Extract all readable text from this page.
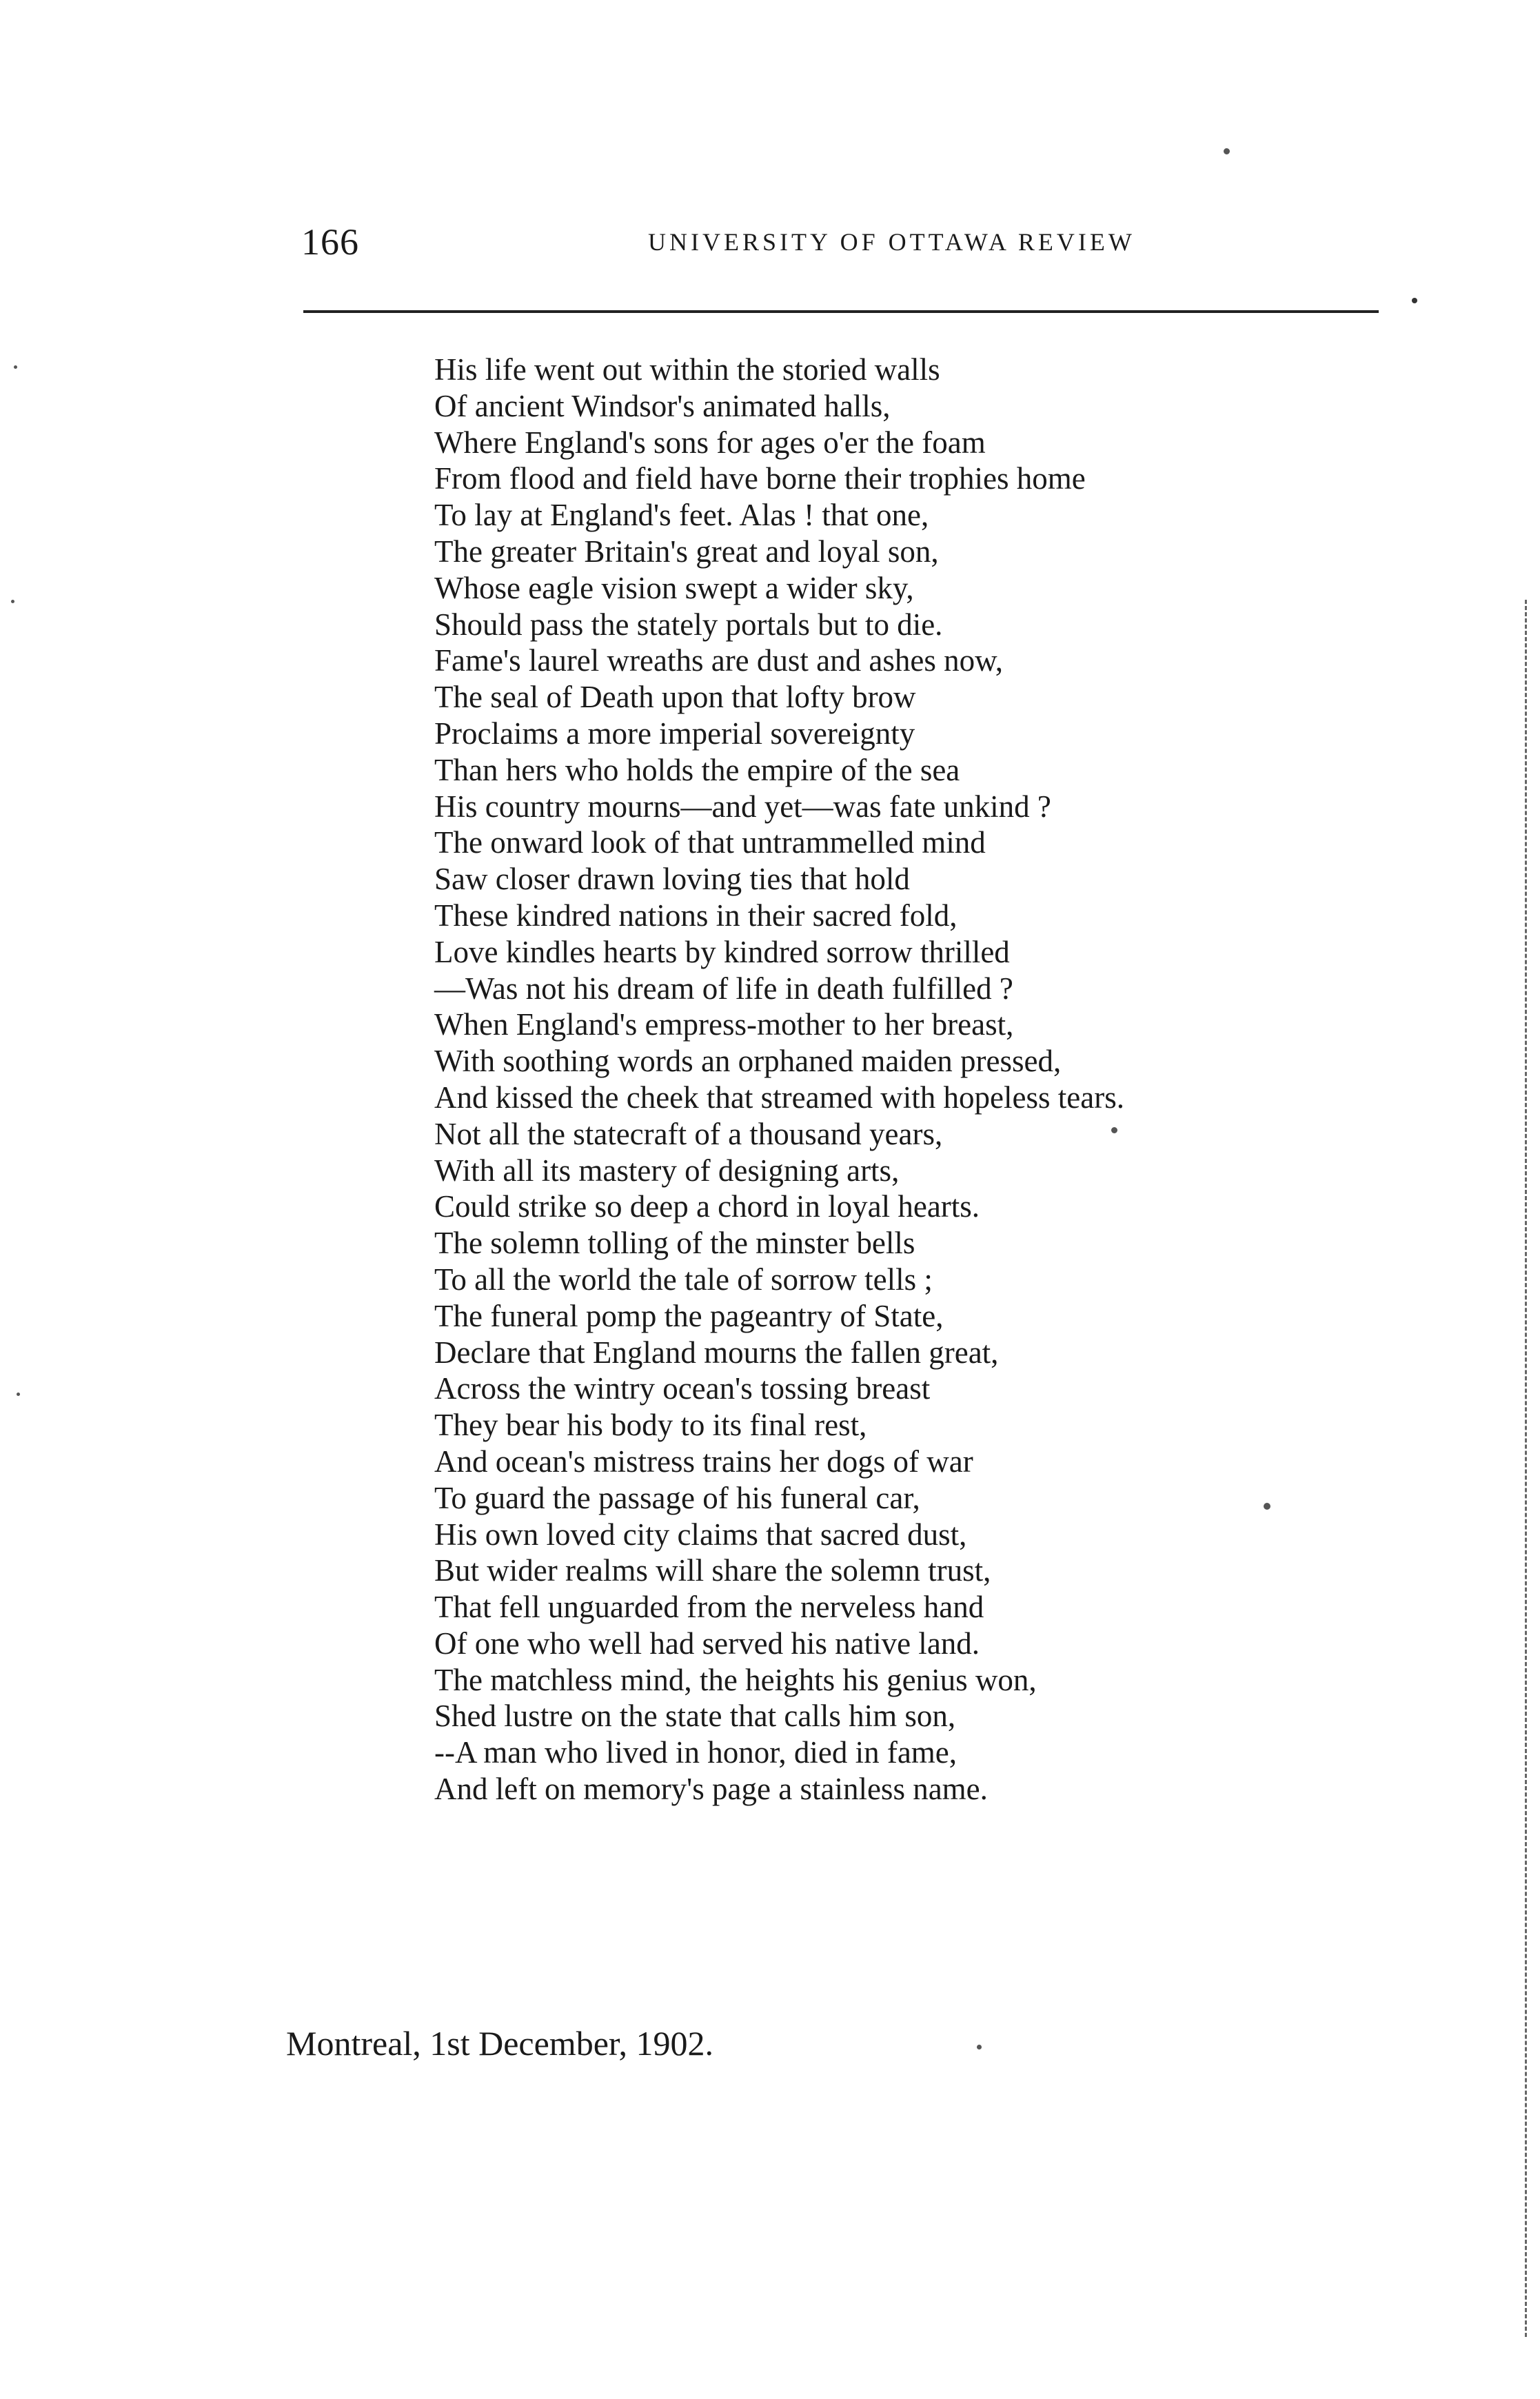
166	UNIVERSITY OF OTTAWA REVIEW
His life went out within the storied walls
Of ancient Windsor's animated halls,
Where England's sons for ages o'er the foam
From flood and field have borne their trophies home
To lay at England's feet. Alas ! that one,
The greater Britain's great and loyal son,
Whose eagle vision swept a wider sky,
Should pass the stately portals but to die.
Fame's laurel wreaths are dust and ashes now,
The seal of Death upon that lofty brow
Proclaims a more imperial sovereignty
Than hers who holds the empire of the sea
His country mourns—and yet—was fate unkind ?
The onward look of that untrammelled mind
Saw closer drawn loving ties that hold
These kindred nations in their sacred fold,
Love kindles hearts by kindred sorrow thrilled
—Was not his dream of life in death fulfilled ?
When England's empress-mother to her breast,
With soothing words an orphaned maiden pressed,
And kissed the cheek that streamed with hopeless tears.
Not all the statecraft of a thousand years,
With all its mastery of designing arts,
Could strike so deep a chord in loyal hearts.
The solemn tolling of the minster bells
To all the world the tale of sorrow tells ;
The funeral pomp the pageantry of State,
Declare that England mourns the fallen great,
Across the wintry ocean's tossing breast
They bear his body to its final rest,
And ocean's mistress trains her dogs of war
To guard the passage of his funeral car,
His own loved city claims that sacred dust,
But wider realms will share the solemn trust,
That fell unguarded from the nerveless hand
Of one who well had served his native land.
The matchless mind, the heights his genius won,
Shed lustre on the state that calls him son,
--A man who lived in honor, died in fame,
And left on memory's page a stainless name.
Montreal, 1st December, 1902.
